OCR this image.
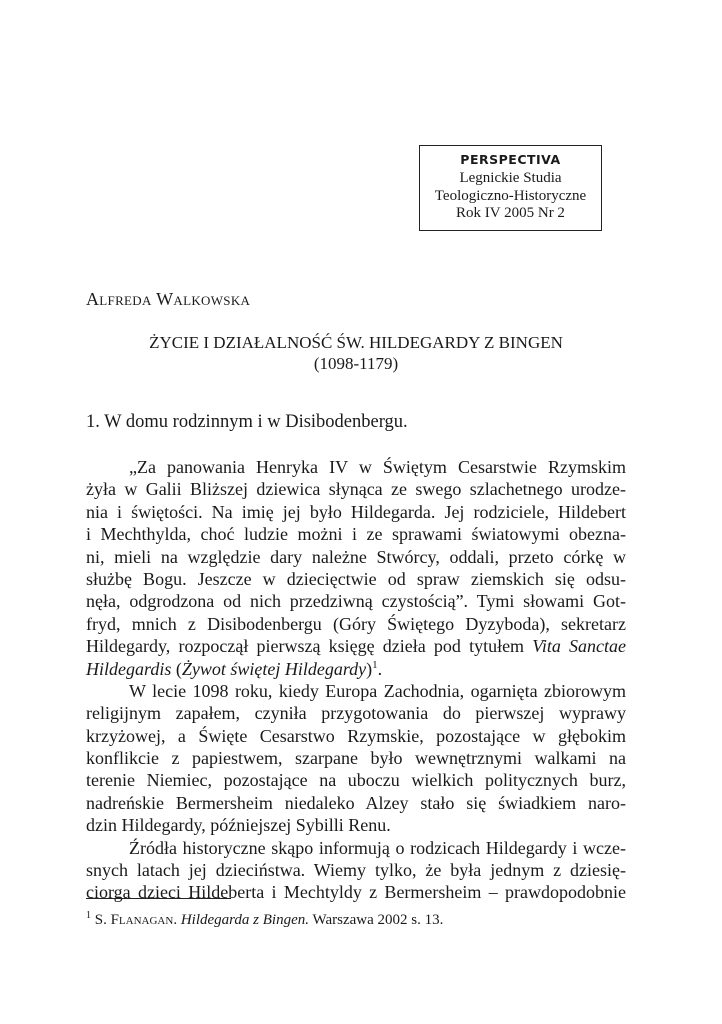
PERSPECTIVA
Legnickie Studia
Teologiczno-Historyczne
Rok IV 2005 Nr 2
Alfreda Walkowska
ŻYCIE I DZIAŁALNOŚĆ ŚW. HILDEGARDY Z BINGEN
(1098-1179)
1. W domu rodzinnym i w Disibodenbergu.
„Za panowania Henryka IV w Świętym Cesarstwie Rzymskim
żyła w Galii Bliższej dziewica słynąca ze swego szlachetnego urodze-
nia i świętości. Na imię jej było Hildegarda. Jej rodziciele, Hildebert
i Mechthylda, choć ludzie możni i ze sprawami światowymi obezna-
ni, mieli na względzie dary należne Stwórcy, oddali, przeto córkę w
służbę Bogu. Jeszcze w dziecięctwie od spraw ziemskich się odsu-
nęła, odgrodzona od nich przedziwną czystością”. Tymi słowami Got-
fryd, mnich z Disibodenbergu (Góry Świętego Dyzyboda), sekretarz
Hildegardy, rozpoczął pierwszą księgę dzieła pod tytułem Vita Sanctae
Hildegardis (Żywot świętej Hildegardy)$^1$.
W lecie 1098 roku, kiedy Europa Zachodnia, ogarnięta zbiorowym
religijnym zapałem, czyniła przygotowania do pierwszej wyprawy
krzyżowej, a Święte Cesarstwo Rzymskie, pozostające w głębokim
konflikcie z papiestwem, szarpane było wewnętrznymi walkami na
terenie Niemiec, pozostające na uboczu wielkich politycznych burz,
nadreńskie Bermersheim niedaleko Alzey stało się świadkiem naro-
dzin Hildegardy, późniejszej Sybilli Renu.
Źródła historyczne skąpo informują o rodzicach Hildegardy i wcze-
snych latach jej dzieciństwa. Wiemy tylko, że była jednym z dziesię-
ciorga dzieci Hildeberta i Mechtyldy z Bermersheim – prawdopodobnie
$^1$ S. Flanagan. Hildegarda z Bingen. Warszawa 2002 s. 13.
